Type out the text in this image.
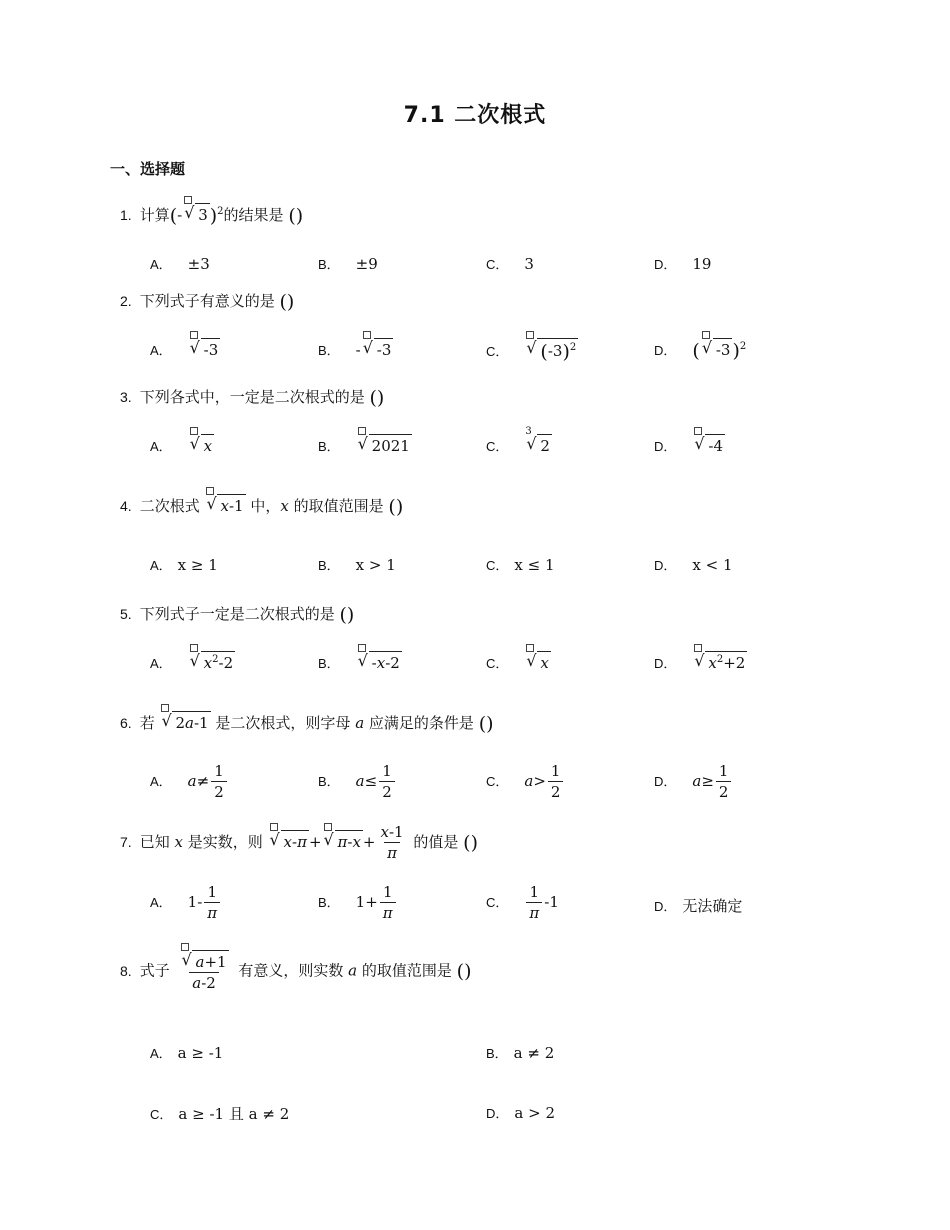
7.1 二次根式
一、选择题
1. 计算(- √ 3 )$^2$的结果是 ()
A． ±3	B． ±9	C． 3	D． 19
2. 下列式子有意义的是 ()
A． √ -3	B． - √ -3	C． √ $(-3)^2$	D． ( √ -3 )$^2$
3. 下列各式中，一定是二次根式的是 ()
A． √ x	B． √ 2021	C．
3
√ 2	D． √ -4
4. 二次根式 √ x-1 中，x 的取值范围是 ()
A． x ≥ 1	B． x > 1	C． x ≤ 1	D． x < 1
5. 下列式子一定是二次根式的是 ()
A． √ $x^2-2$	B． √ -x-2	C． √ x	D． √ $x^2+2$
6. 若 √ 2a-1 是二次根式，则字母 a 应满足的条件是 ()
A． $a\ne \frac{1}{2}$	B． $a\le \frac{1}{2}$	C． $a> \frac{1}{2}$	D． $a\ge \frac{1}{2}$
7. 已知 x 是实数，则 √ x-π + √ $\pi-x + \frac{x-1}{\pi}$ 的值是 ()
A． $1- \frac{1}{\pi}$	B． $1+ \frac{1}{\pi}$	C． $\frac{1}{\pi} -1$	D． 无法确定
8. 式子 $\frac{√ a+1}{a-2}$ 有意义，则实数 a 的取值范围是 ()
A． a ≥ -1	B． a ≠ 2
C． a ≥ -1 且 a ≠ 2	D． a > 2
